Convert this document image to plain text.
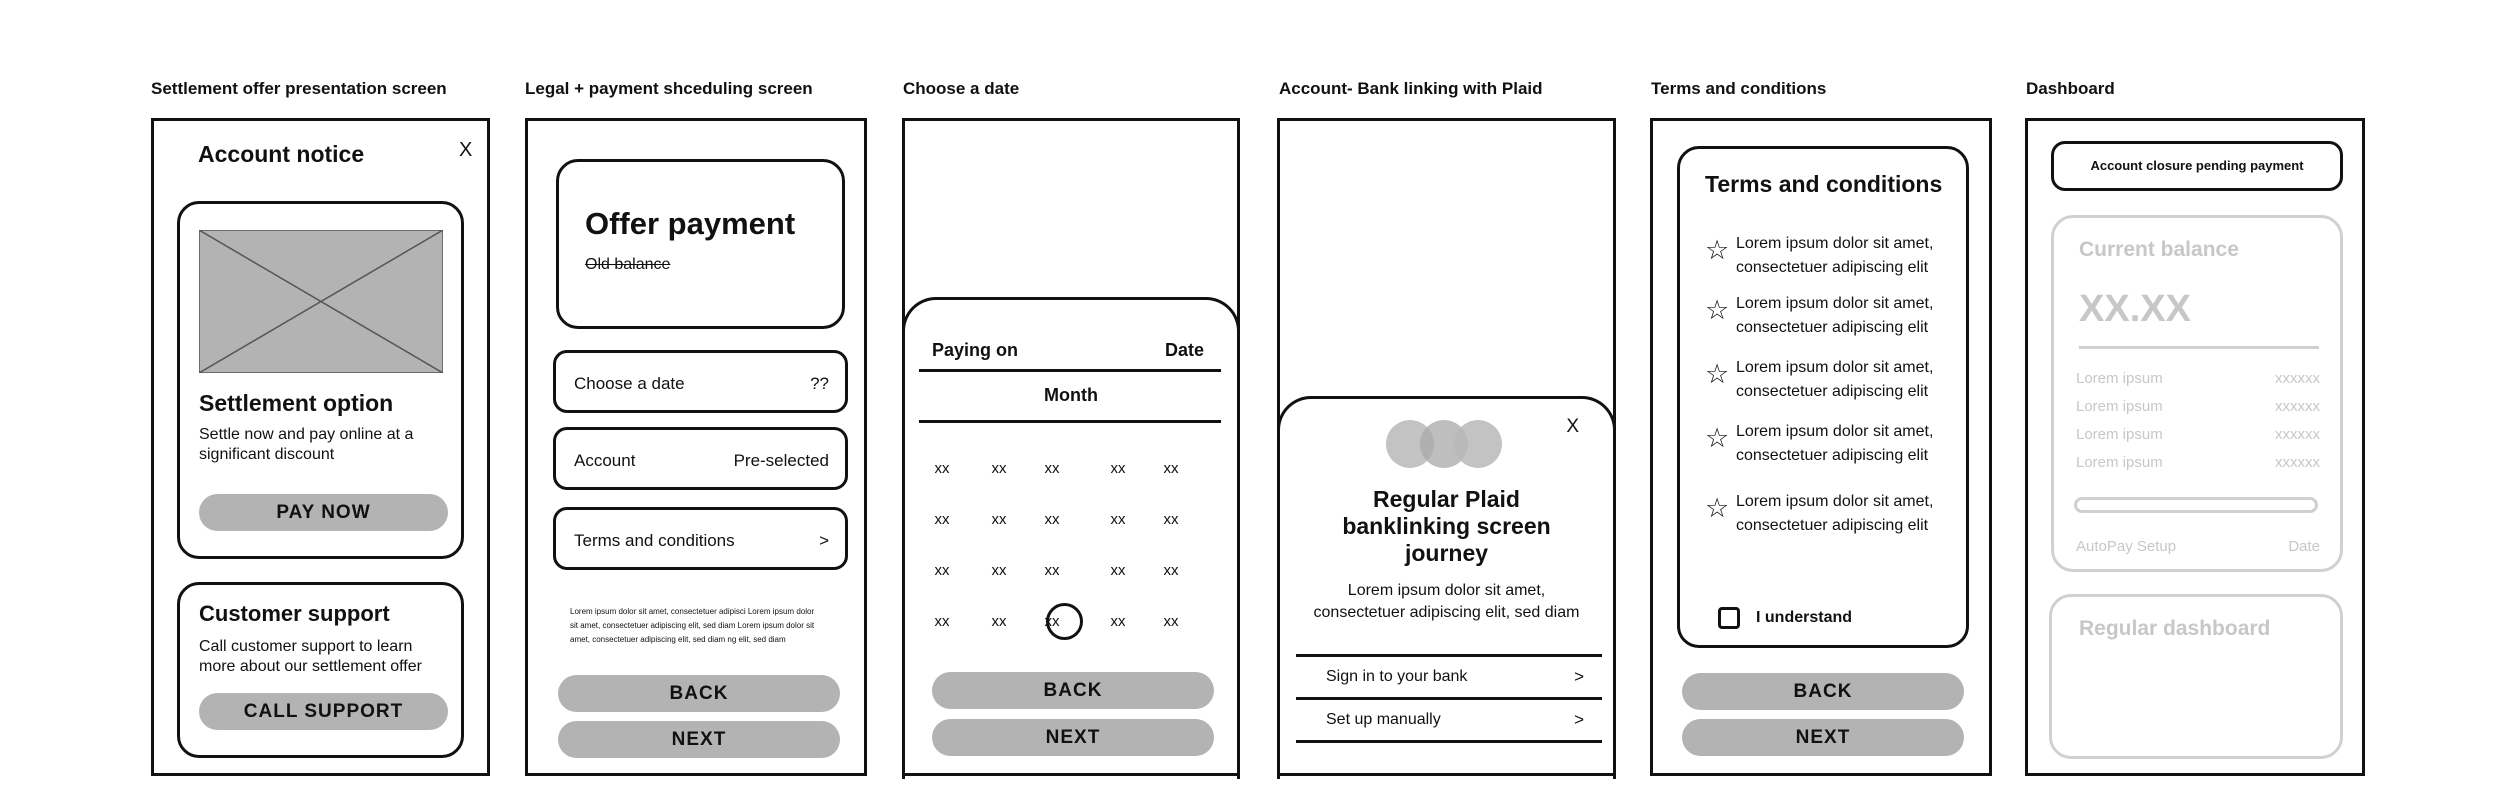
Settlement offer presentation screen	Legal + payment shceduling screen	Choose a date	Account- Bank linking with Plaid	Terms and conditions	Dashboard
Account notice	X
Settlement option
Settle now and pay online at a
significant discount
PAY NOW
Customer support
Call customer support to learn
more about our settlement offer
CALL SUPPORT
Offer payment
Old balance
Choose a date	??
Account	Pre-selected
Terms and conditions	>
Lorem ipsum dolor sit amet, consectetuer adipisci Lorem ipsum dolor
sit amet, consectetuer adipiscing elit, sed diam Lorem ipsum dolor sit
amet, consectetuer adipiscing elit, sed diam ng elit, sed diam
BACK
NEXT
Paying on	Date
Month
xx	xx	xx	xx	xx
xx	xx	xx	xx	xx
xx	xx	xx	xx	xx
xx	xx	xx	xx	xx
BACK
NEXT
X
Regular Plaid
banklinking screen
journey
Lorem ipsum dolor sit amet,
consectetuer adipiscing elit, sed diam
Sign in to your bank	>
Set up manually	>
Terms and conditions
☆ Lorem ipsum dolor sit amet,
consectetuer adipiscing elit
☆ Lorem ipsum dolor sit amet,
consectetuer adipiscing elit
☆ Lorem ipsum dolor sit amet,
consectetuer adipiscing elit
☆ Lorem ipsum dolor sit amet,
consectetuer adipiscing elit
☆ Lorem ipsum dolor sit amet,
consectetuer adipiscing elit
I understand
BACK
NEXT
Account closure pending payment
Current balance
XX.XX
Lorem ipsum	xxxxxx
Lorem ipsum	xxxxxx
Lorem ipsum	xxxxxx
Lorem ipsum	xxxxxx
AutoPay Setup	Date
Regular dashboard
